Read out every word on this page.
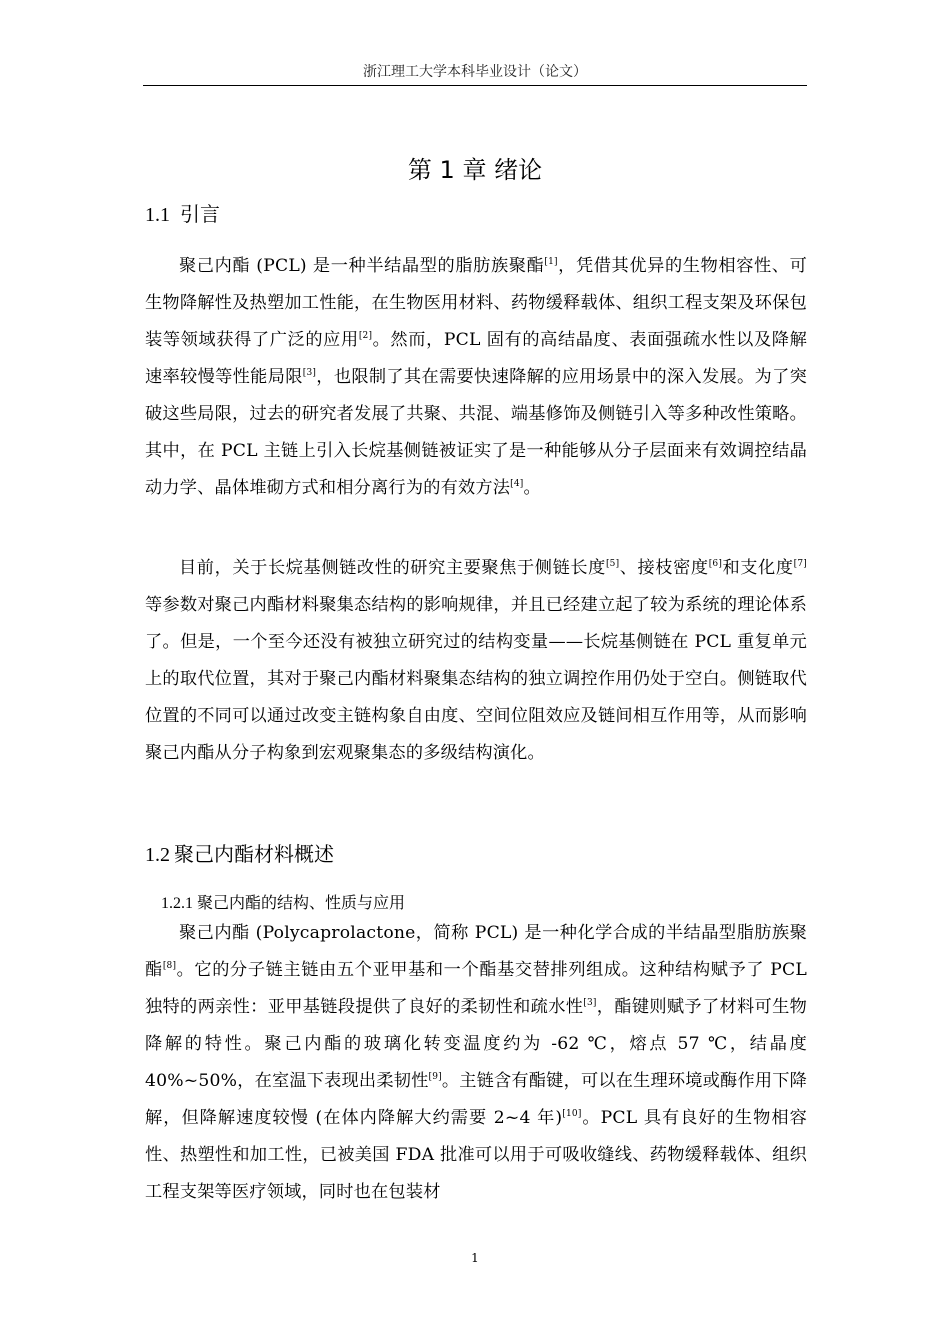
浙江理工大学本科毕业设计（论文）
第 1 章 绪论
1.1 引言

聚己内酯 (PCL) 是一种半结晶型的脂肪族聚酯[1]，凭借其优异的生物相容性、可生物降解性及热塑加工性能，在生物医用材料、药物缓释载体、组织工程支架及环保包装等领域获得了广泛的应用[2]。然而，PCL 固有的高结晶度、表面强疏水性以及降解速率较慢等性能局限[3]，也限制了其在需要快速降解的应用场景中的深入发展。为了突破这些局限，过去的研究者发展了共聚、共混、端基修饰及侧链引入等多种改性策略。其中，在 PCL 主链上引入长烷基侧链被证实了是一种能够从分子层面来有效调控结晶动力学、晶体堆砌方式和相分离行为的有效方法[4]。

目前，关于长烷基侧链改性的研究主要聚焦于侧链长度[5]、接枝密度[6]和支化度[7]等参数对聚己内酯材料聚集态结构的影响规律，并且已经建立起了较为系统的理论体系了。但是，一个至今还没有被独立研究过的结构变量——长烷基侧链在 PCL 重复单元上的取代位置，其对于聚己内酯材料聚集态结构的独立调控作用仍处于空白。侧链取代位置的不同可以通过改变主链构象自由度、空间位阻效应及链间相互作用等，从而影响聚己内酯从分子构象到宏观聚集态的多级结构演化。

1.2 聚己内酯材料概述
1.2.1 聚己内酯的结构、性质与应用

聚己内酯 (Polycaprolactone，简称 PCL) 是一种化学合成的半结晶型脂肪族聚酯[8]。它的分子链主链由五个亚甲基和一个酯基交替排列组成。这种结构赋予了 PCL 独特的两亲性：亚甲基链段提供了良好的柔韧性和疏水性[3]，酯键则赋予了材料可生物降解的特性。聚己内酯的玻璃化转变温度约为 -62 ℃，熔点 57 ℃，结晶度 40%~50%，在室温下表现出柔韧性[9]。主链含有酯键，可以在生理环境或酶作用下降解，但降解速度较慢 (在体内降解大约需要 2~4 年)[10]。PCL 具有良好的生物相容性、热塑性和加工性，已被美国 FDA 批准可以用于可吸收缝线、药物缓释载体、组织工程支架等医疗领域，同时也在包装材

1
